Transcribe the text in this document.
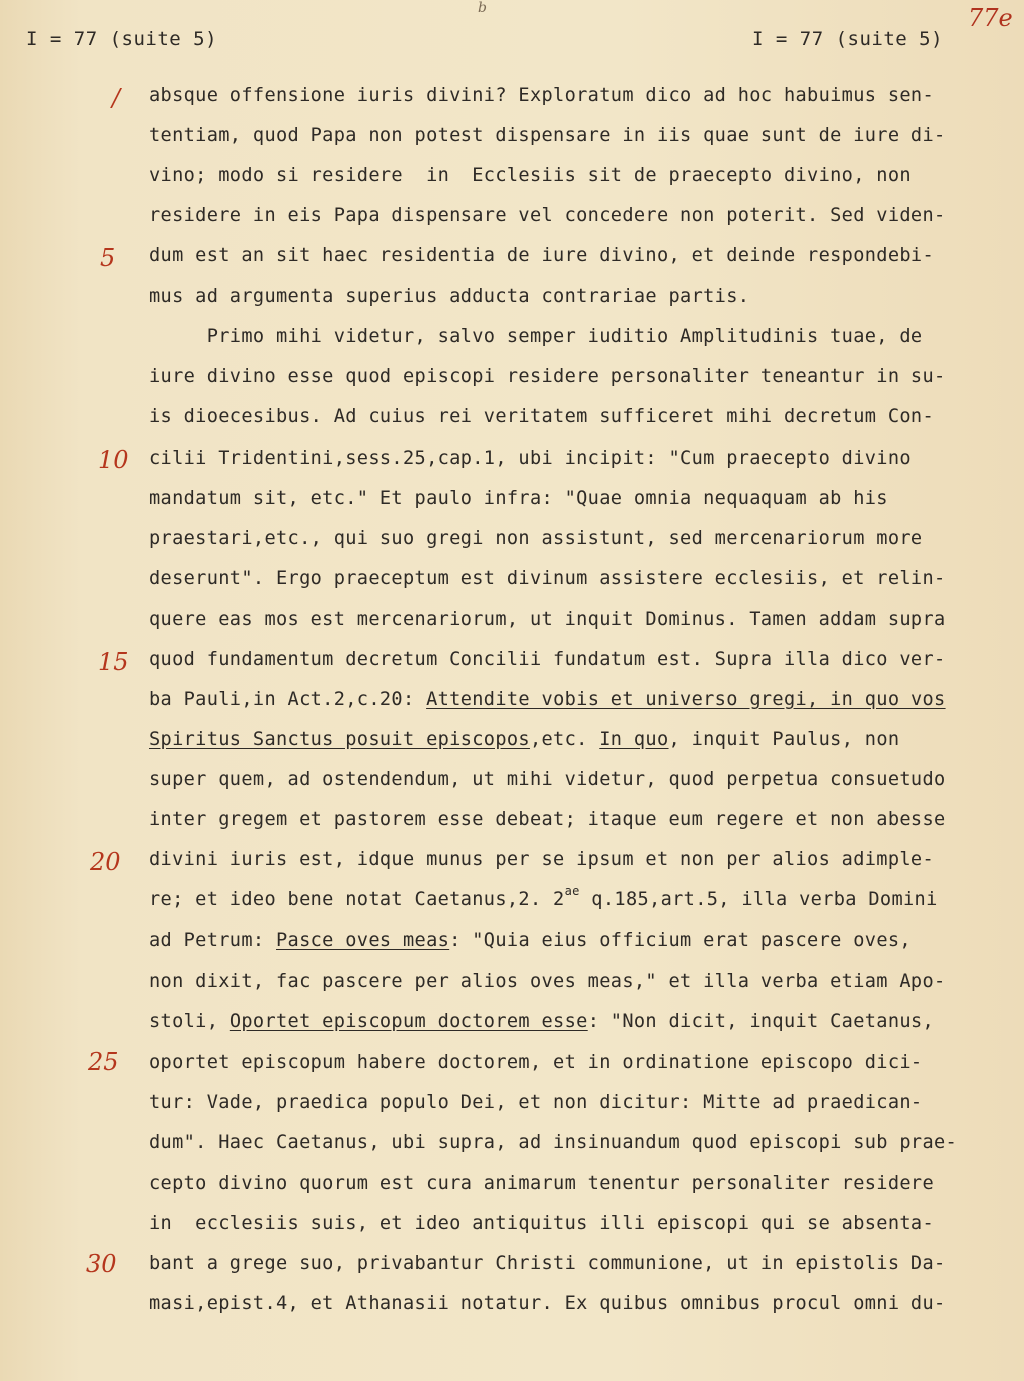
I = 77 (suite 5)	I = 77 (suite 5)
b	77e
/
5
10
15
20
25
30
absque offensione iuris divini? Exploratum dico ad hoc habuimus sen-
tentiam, quod Papa non potest dispensare in iis quae sunt de iure di-
vino; modo si residere  in  Ecclesiis sit de praecepto divino, non
residere in eis Papa dispensare vel concedere non poterit. Sed viden-
dum est an sit haec residentia de iure divino, et deinde respondebi-
mus ad argumenta superius adducta contrariae partis.
Primo mihi videtur, salvo semper iuditio Amplitudinis tuae, de
iure divino esse quod episcopi residere personaliter teneantur in su-
is dioecesibus. Ad cuius rei veritatem sufficeret mihi decretum Con-
cilii Tridentini,sess.25,cap.1, ubi incipit: "Cum praecepto divino
mandatum sit, etc." Et paulo infra: "Quae omnia nequaquam ab his
praestari,etc., qui suo gregi non assistunt, sed mercenariorum more
deserunt". Ergo praeceptum est divinum assistere ecclesiis, et relin-
quere eas mos est mercenariorum, ut inquit Dominus. Tamen addam supra
quod fundamentum decretum Concilii fundatum est. Supra illa dico ver-
ba Pauli,in Act.2,c.20: Attendite vobis et universo gregi, in quo vos
Spiritus Sanctus posuit episcopos,etc. In quo, inquit Paulus, non
super quem, ad ostendendum, ut mihi videtur, quod perpetua consuetudo
inter gregem et pastorem esse debeat; itaque eum regere et non abesse
divini iuris est, idque munus per se ipsum et non per alios adimple-
re; et ideo bene notat Caetanus,2. $2^{ae}$ q.185,art.5, illa verba Domini
ad Petrum: Pasce oves meas: "Quia eius officium erat pascere oves,
non dixit, fac pascere per alios oves meas," et illa verba etiam Apo-
stoli, Oportet episcopum doctorem esse: "Non dicit, inquit Caetanus,
oportet episcopum habere doctorem, et in ordinatione episcopo dici-
tur: Vade, praedica populo Dei, et non dicitur: Mitte ad praedican-
dum". Haec Caetanus, ubi supra, ad insinuandum quod episcopi sub prae-
cepto divino quorum est cura animarum tenentur personaliter residere
in  ecclesiis suis, et ideo antiquitus illi episcopi qui se absenta-
bant a grege suo, privabantur Christi communione, ut in epistolis Da-
masi,epist.4, et Athanasii notatur. Ex quibus omnibus procul omni du-
